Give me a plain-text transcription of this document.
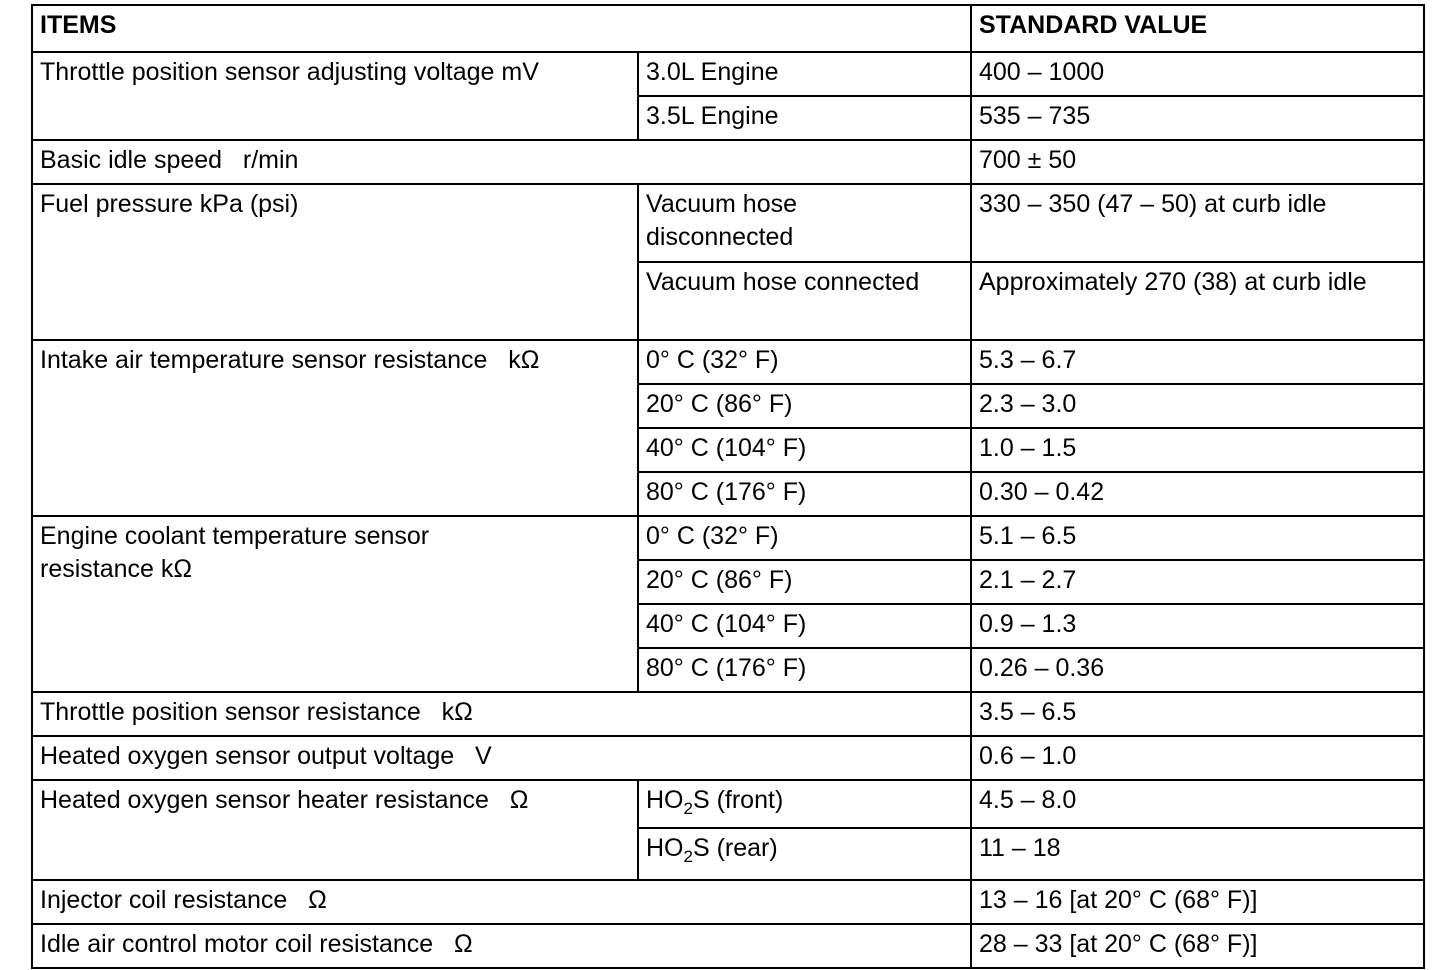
ITEMS		STANDARD VALUE
Throttle position sensor adjusting voltage mV	3.0L Engine	400 – 1000
	3.5L Engine	535 – 735
Basic idle speed   r/min		700 ± 50
Fuel pressure kPa (psi)	Vacuum hose disconnected	330 – 350 (47 – 50) at curb idle
	Vacuum hose connected	Approximately 270 (38) at curb idle
Intake air temperature sensor resistance   kΩ	0° C (32° F)	5.3 – 6.7
	20° C (86° F)	2.3 – 3.0
	40° C (104° F)	1.0 – 1.5
	80° C (176° F)	0.30 – 0.42
Engine coolant temperature sensor resistance kΩ	0° C (32° F)	5.1 – 6.5
	20° C (86° F)	2.1 – 2.7
	40° C (104° F)	0.9 – 1.3
	80° C (176° F)	0.26 – 0.36
Throttle position sensor resistance   kΩ		3.5 – 6.5
Heated oxygen sensor output voltage   V		0.6 – 1.0
Heated oxygen sensor heater resistance   Ω	$HO_2S$ (front)	4.5 – 8.0
	$HO_2S$ (rear)	11 – 18
Injector coil resistance   Ω		13 – 16 [at 20° C (68° F)]
Idle air control motor coil resistance   Ω		28 – 33 [at 20° C (68° F)]
